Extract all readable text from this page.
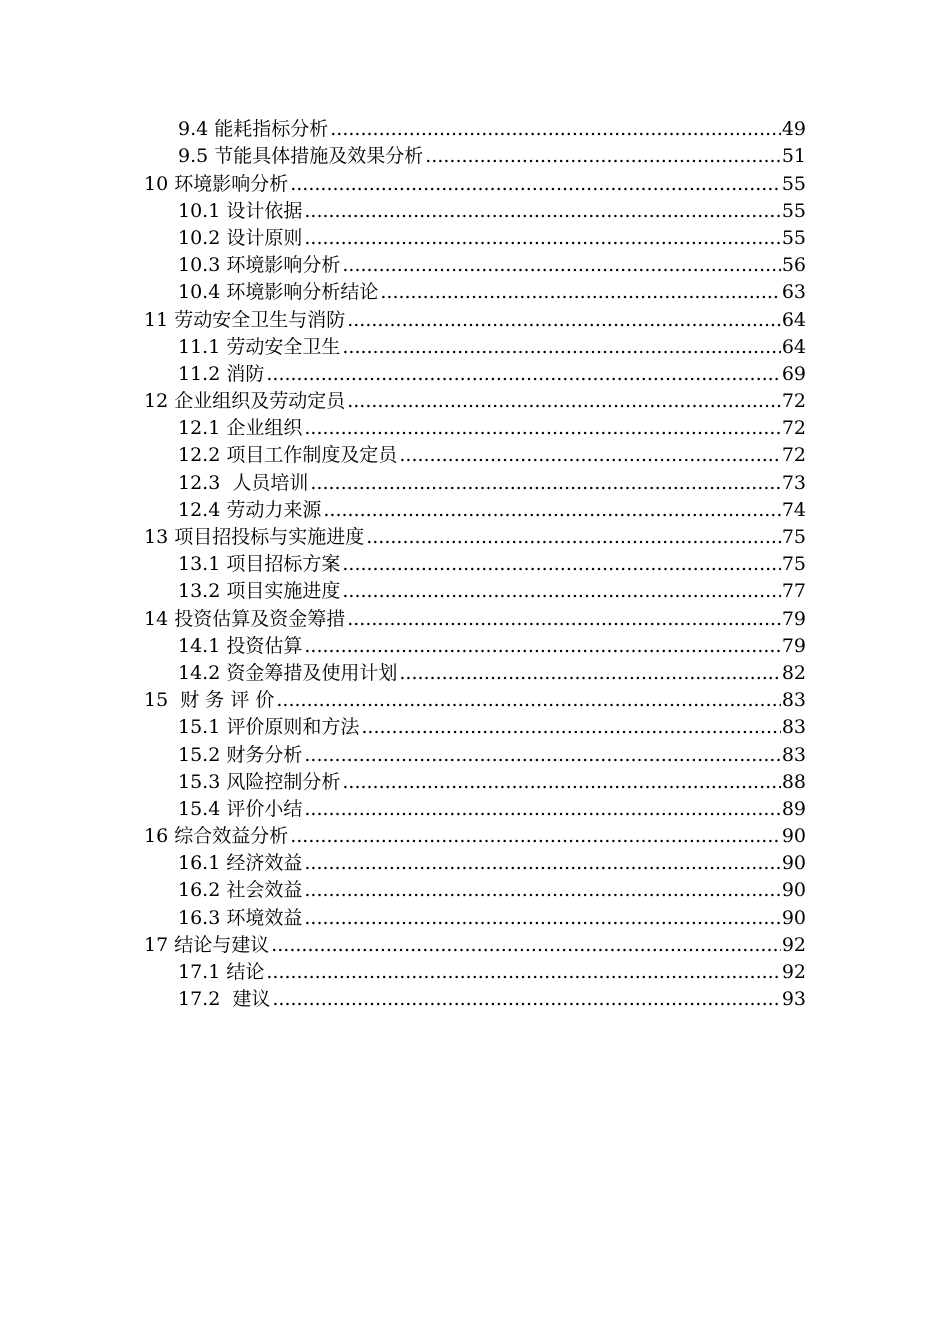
9.4 能耗指标分析 .....	49
9.5 节能具体措施及效果分析 .....	51
10 环境影响分析 .....	55
10.1 设计依据 .....	55
10.2 设计原则 .....	55
10.3 环境影响分析 .....	56
10.4 环境影响分析结论 .....	63
11 劳动安全卫生与消防 .....	64
11.1 劳动安全卫生 .....	64
11.2 消防 .....	69
12 企业组织及劳动定员 .....	72
12.1 企业组织 .....	72
12.2 项目工作制度及定员 .....	72
12.3  人员培训 .....	73
12.4 劳动力来源 .....	74
13 项目招投标与实施进度 .....	75
13.1 项目招标方案 .....	75
13.2 项目实施进度 .....	77
14 投资估算及资金筹措 .....	79
14.1 投资估算 .....	79
14.2 资金筹措及使用计划 .....	82
15  财 务 评 价 .....	83
15.1 评价原则和方法 .....	83
15.2 财务分析 .....	83
15.3 风险控制分析 .....	88
15.4 评价小结 .....	89
16 综合效益分析 .....	90
16.1 经济效益 .....	90
16.2 社会效益 .....	90
16.3 环境效益 .....	90
17 结论与建议 .....	92
17.1 结论 .....	92
17.2  建议 .....	93
